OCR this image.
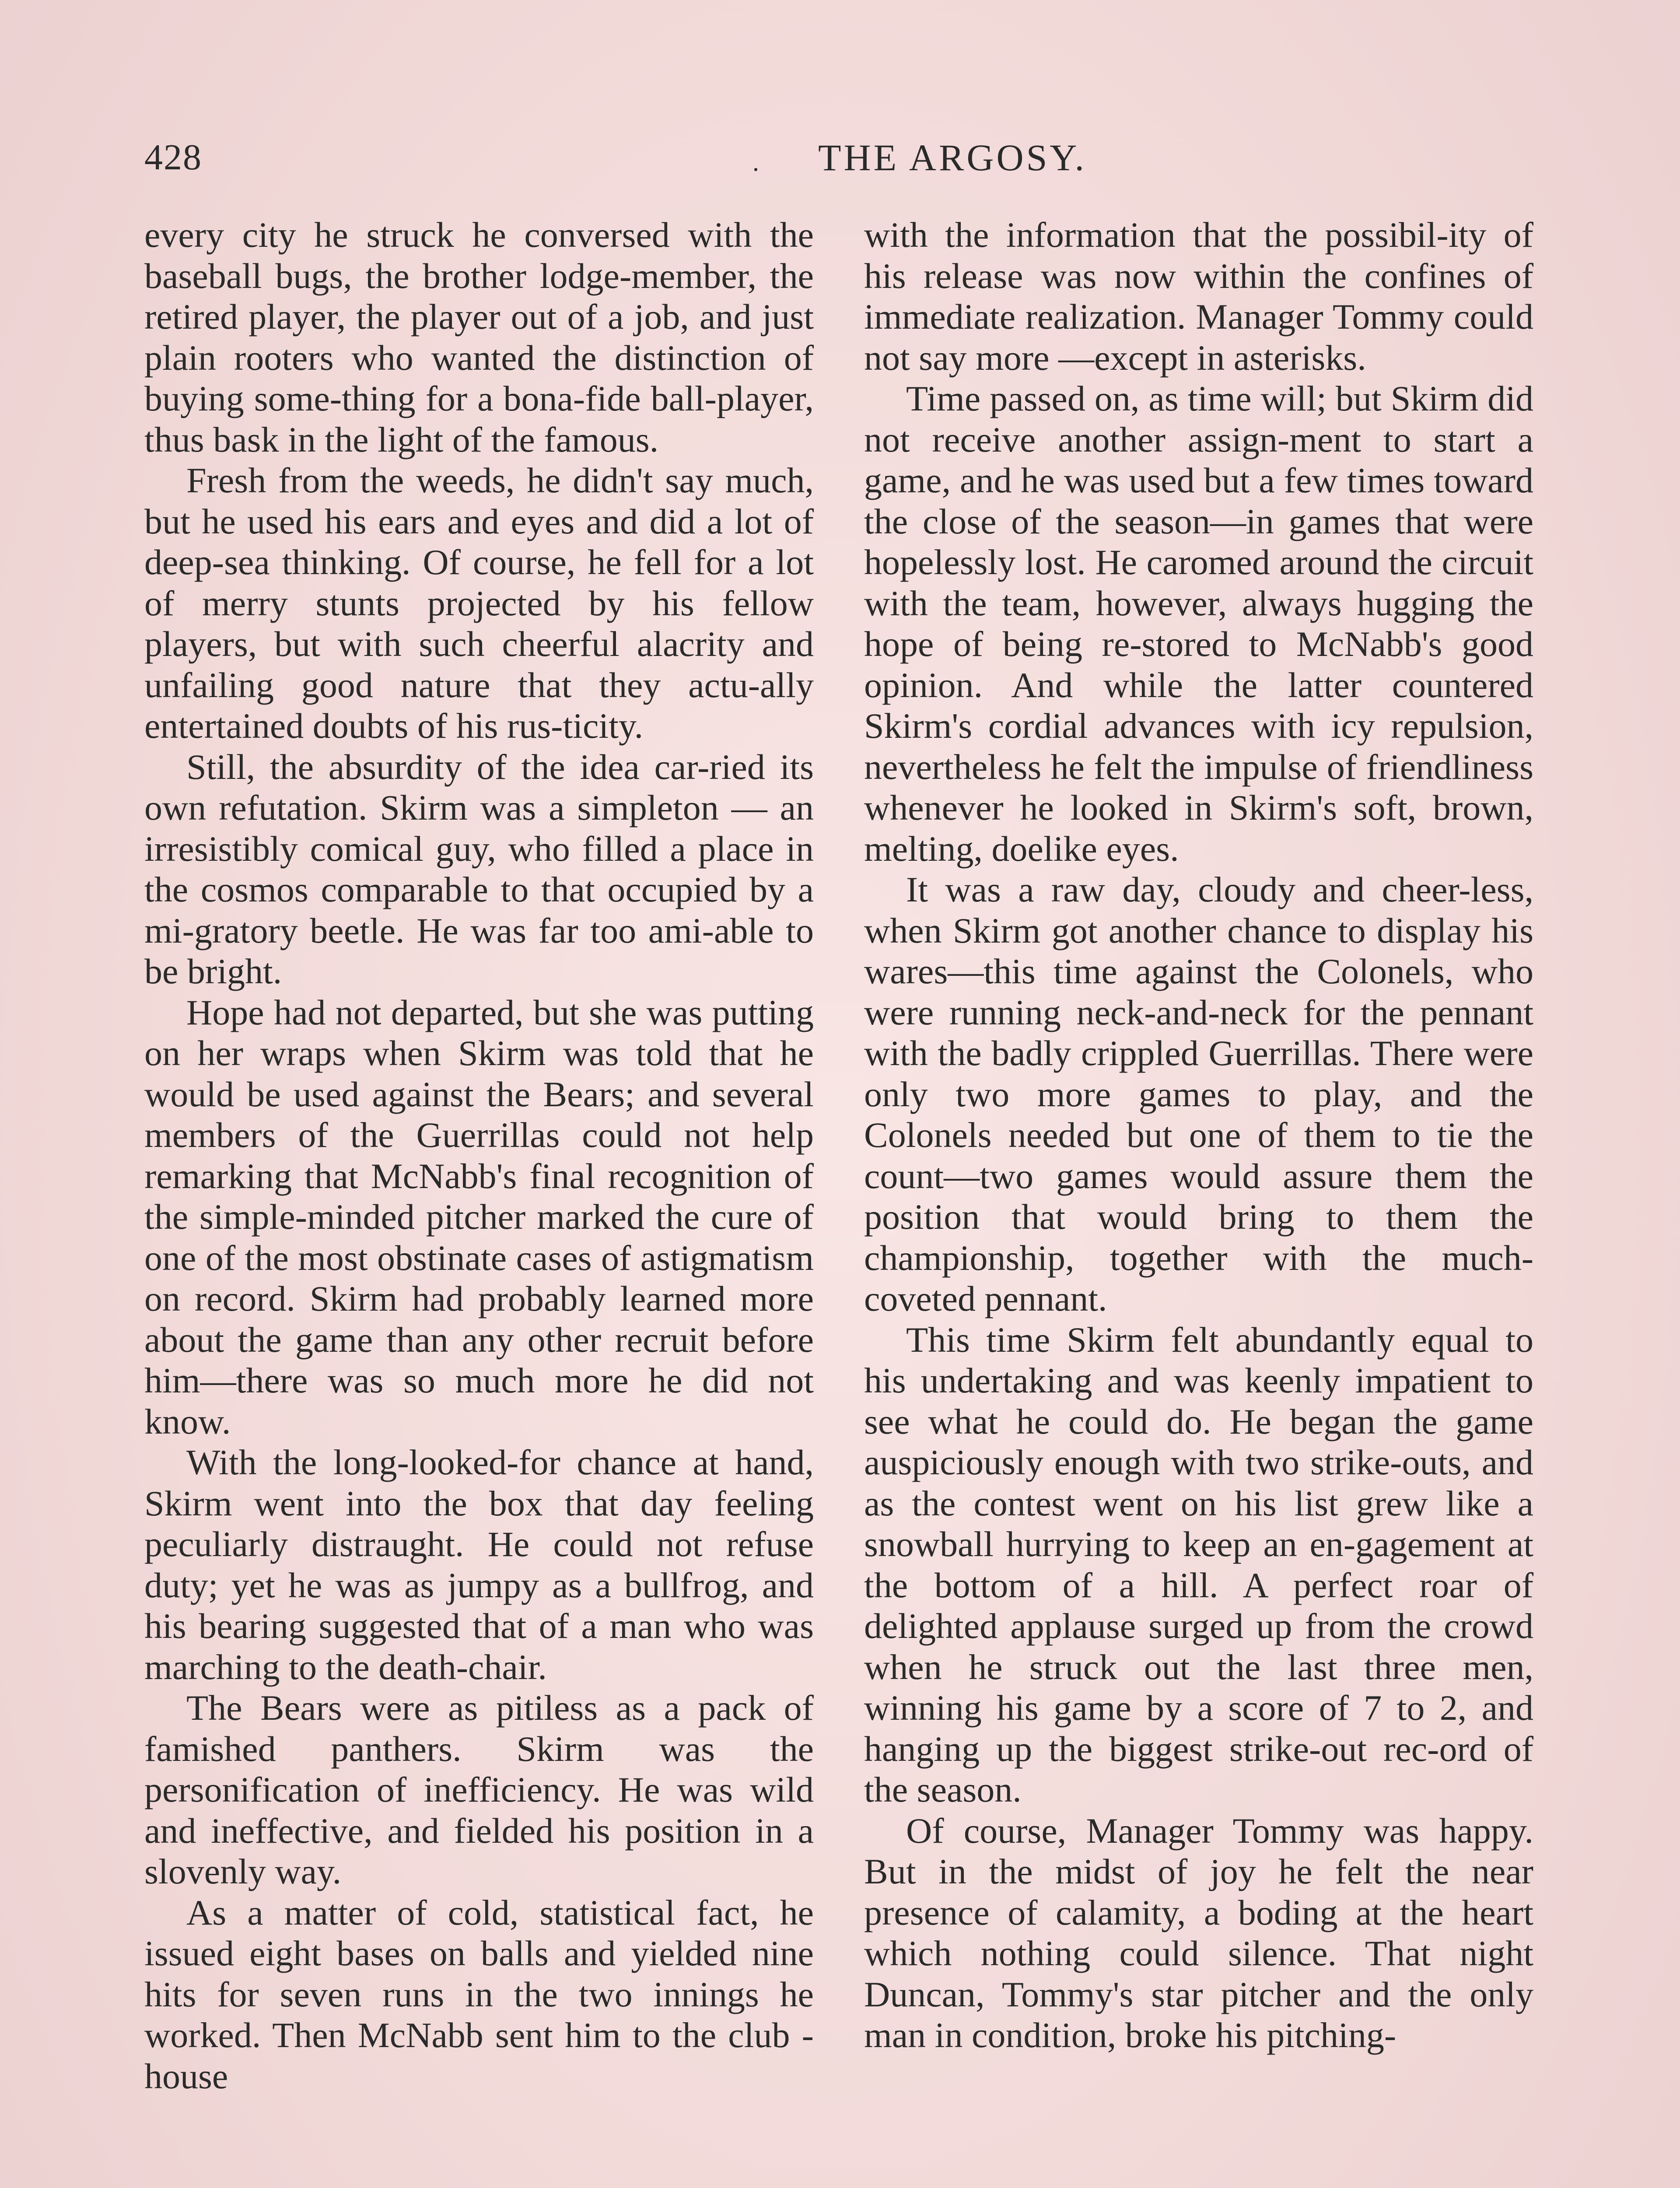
428	. THE ARGOSY.

every city he struck he conversed with the baseball bugs, the brother lodge-member, the retired player, the player out of a job, and just plain rooters who wanted the distinction of buying some-thing for a bona-fide ball-player, thus bask in the light of the famous.

Fresh from the weeds, he didn't say much, but he used his ears and eyes and did a lot of deep-sea thinking. Of course, he fell for a lot of merry stunts projected by his fellow players, but with such cheerful alacrity and unfailing good nature that they actu-ally entertained doubts of his rus-ticity.

Still, the absurdity of the idea car-ried its own refutation. Skirm was a simpleton — an irresistibly comical guy, who filled a place in the cosmos comparable to that occupied by a mi-gratory beetle. He was far too ami-able to be bright.

Hope had not departed, but she was putting on her wraps when Skirm was told that he would be used against the Bears; and several members of the Guerrillas could not help remarking that McNabb's final recognition of the simple-minded pitcher marked the cure of one of the most obstinate cases of astigmatism on record. Skirm had probably learned more about the game than any other recruit before him—there was so much more he did not know.

With the long-looked-for chance at hand, Skirm went into the box that day feeling peculiarly distraught. He could not refuse duty; yet he was as jumpy as a bullfrog, and his bearing suggested that of a man who was marching to the death-chair.

The Bears were as pitiless as a pack of famished panthers. Skirm was the personification of inefficiency. He was wild and ineffective, and fielded his position in a slovenly way.

As a matter of cold, statistical fact, he issued eight bases on balls and yielded nine hits for seven runs in the two innings he worked. Then McNabb sent him to the club - house

with the information that the possibil-ity of his release was now within the confines of immediate realization. Manager Tommy could not say more —except in asterisks.

Time passed on, as time will; but Skirm did not receive another assign-ment to start a game, and he was used but a few times toward the close of the season—in games that were hopelessly lost. He caromed around the circuit with the team, however, always hugging the hope of being re-stored to McNabb's good opinion. And while the latter countered Skirm's cordial advances with icy repulsion, nevertheless he felt the impulse of friendliness whenever he looked in Skirm's soft, brown, melting, doelike eyes.

It was a raw day, cloudy and cheer-less, when Skirm got another chance to display his wares—this time against the Colonels, who were running neck-and-neck for the pennant with the badly crippled Guerrillas. There were only two more games to play, and the Colonels needed but one of them to tie the count—two games would assure them the position that would bring to them the championship, together with the much-coveted pennant.

This time Skirm felt abundantly equal to his undertaking and was keenly impatient to see what he could do. He began the game auspiciously enough with two strike-outs, and as the contest went on his list grew like a snowball hurrying to keep an en-gagement at the bottom of a hill. A perfect roar of delighted applause surged up from the crowd when he struck out the last three men, winning his game by a score of 7 to 2, and hanging up the biggest strike-out rec-ord of the season.

Of course, Manager Tommy was happy. But in the midst of joy he felt the near presence of calamity, a boding at the heart which nothing could silence. That night Duncan, Tommy's star pitcher and the only man in condition, broke his pitching-
